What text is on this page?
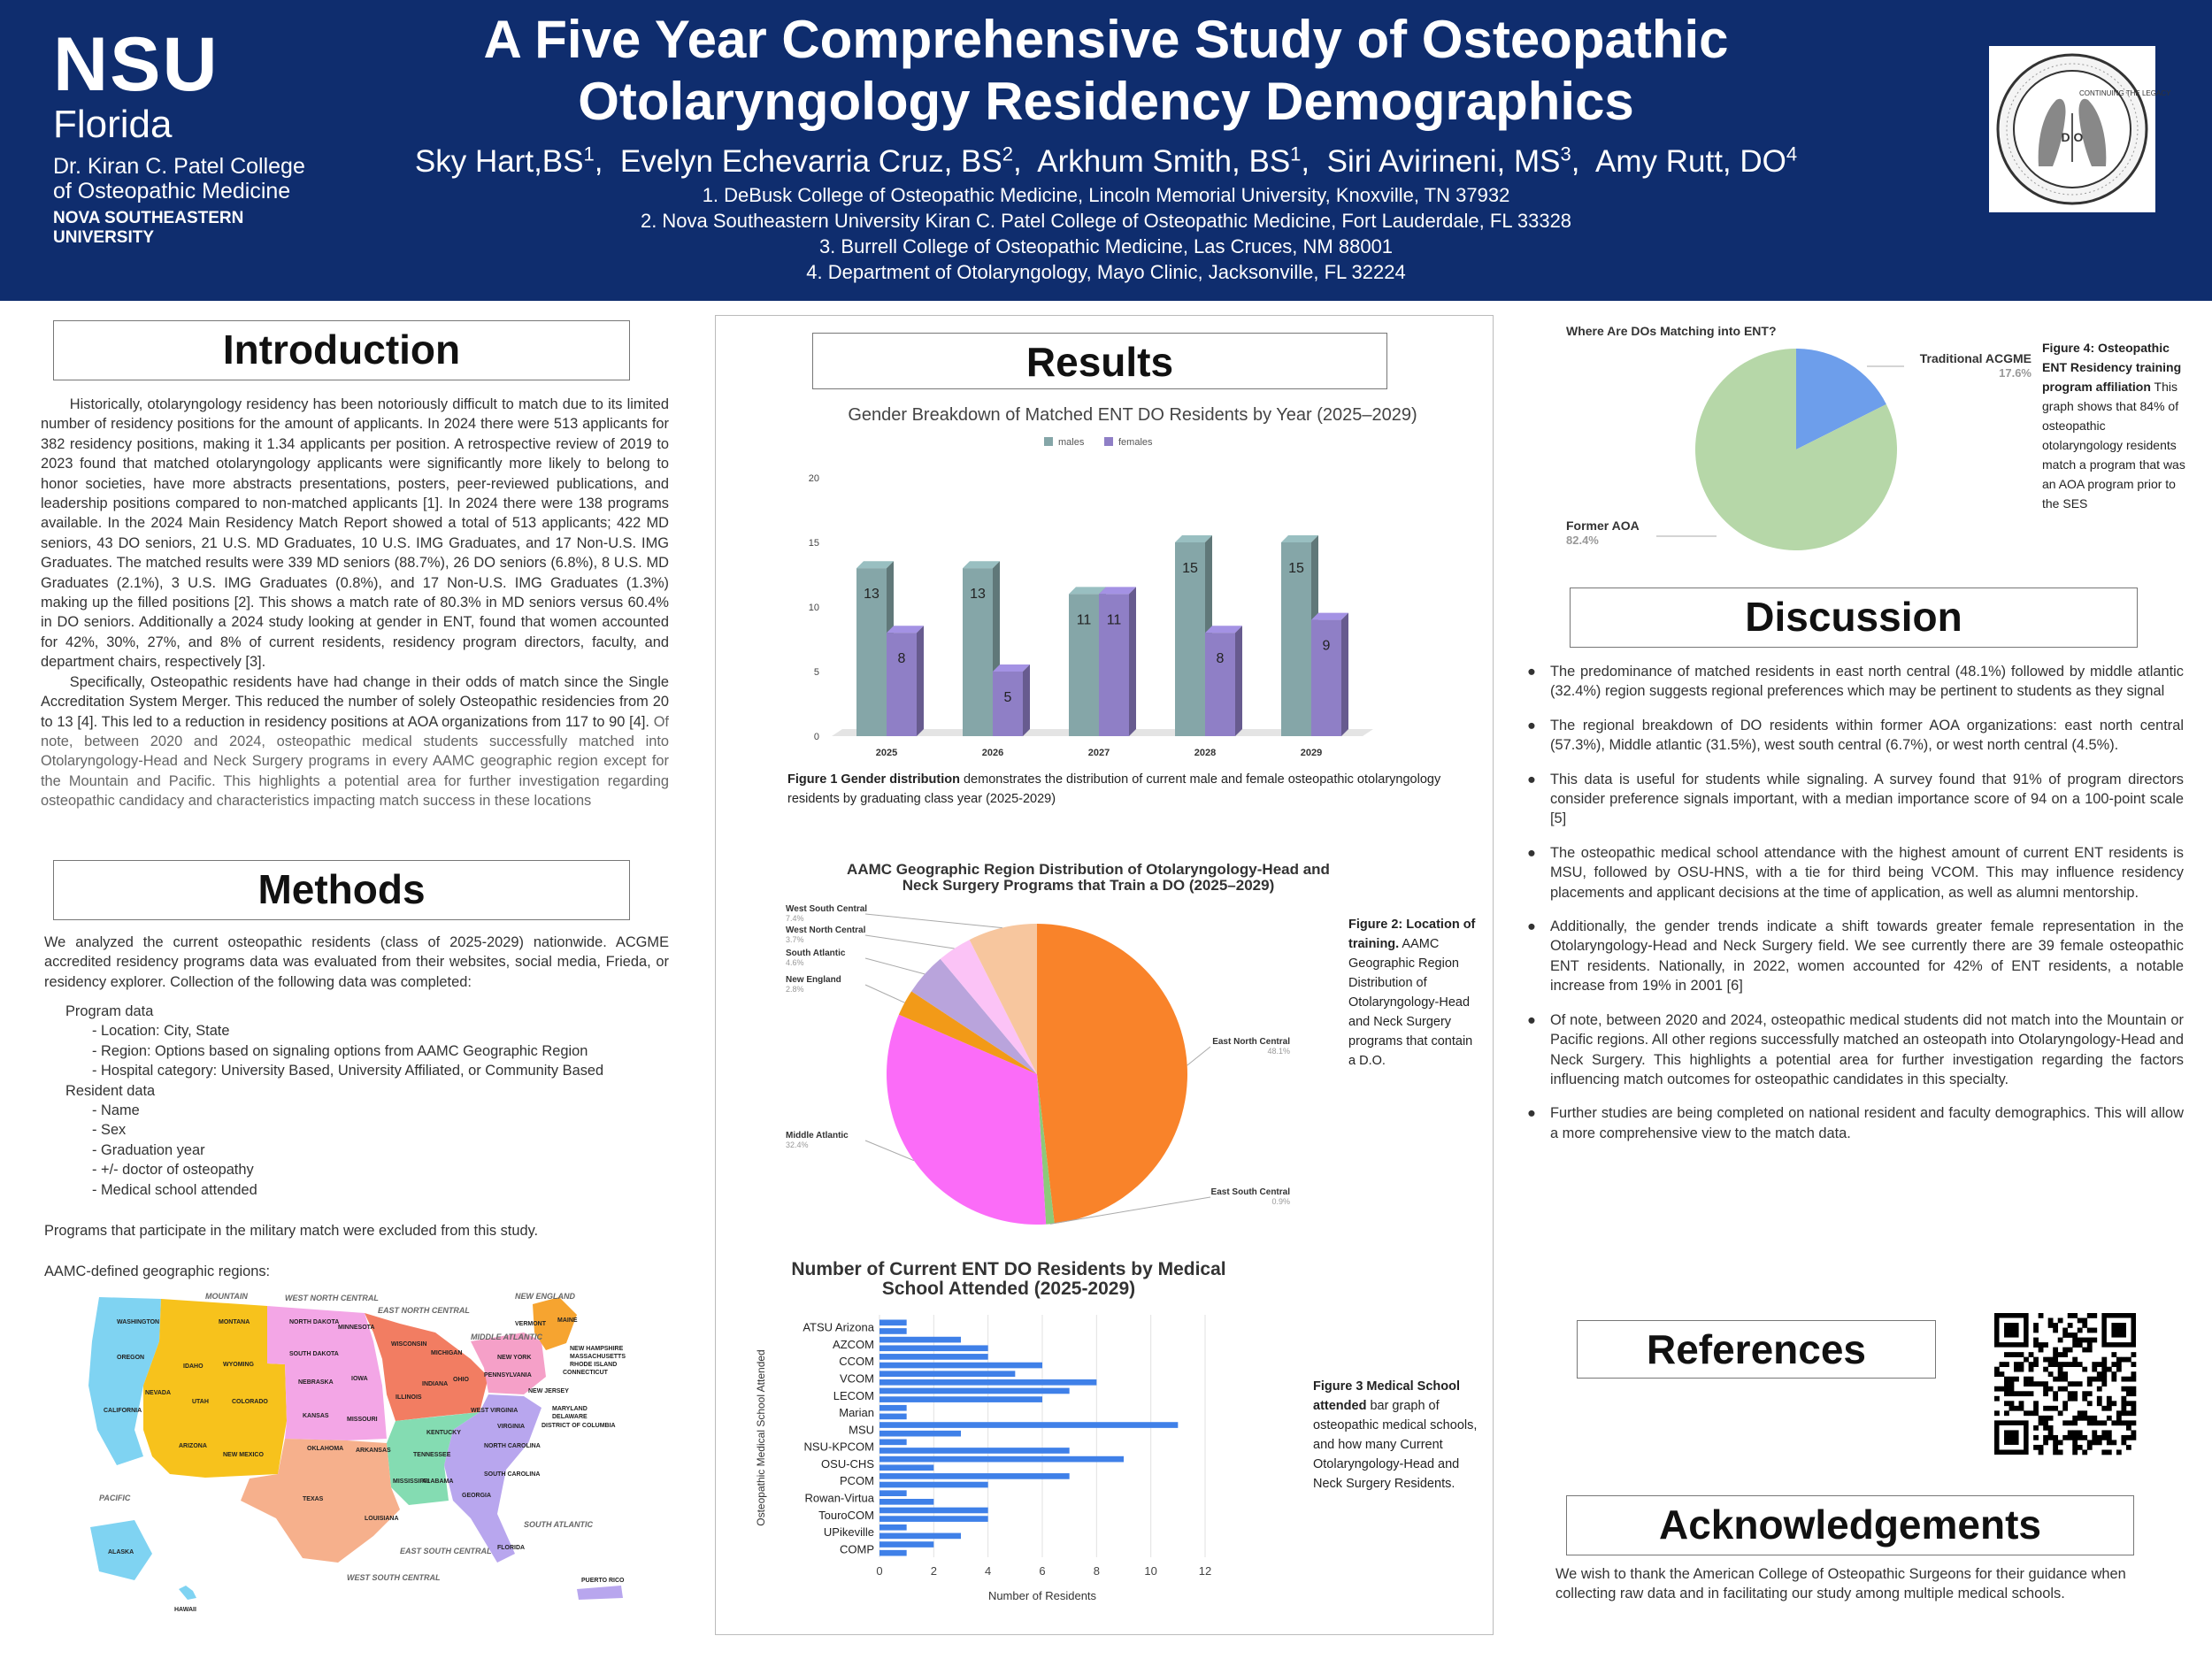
NSU
Florida
Dr. Kiran C. Patel College
of Osteopathic Medicine
NOVA SOUTHEASTERN
UNIVERSITY
A Five Year Comprehensive Study of Osteopathic
Otolaryngology Residency Demographics
Sky $Hart,BS^1$,  Evelyn Echevarria Cruz, $BS^2$,  Arkhum Smith, $BS^1$,  Siri Avirineni, $MS^3$,  Amy Rutt, $DO^4$
1. DeBusk College of Osteopathic Medicine, Lincoln Memorial University, Knoxville, TN 37932
2. Nova Southeastern University Kiran C. Patel College of Osteopathic Medicine, Fort Lauderdale, FL 33328
3. Burrell College of Osteopathic Medicine, Las Cruces, NM 88001
4. Department of Otolaryngology, Mayo Clinic, Jacksonville, FL 32224
CONTINUING THE LEGACY
D O
Introduction

Historically, otolaryngology residency has been notoriously difficult to match due to its limited number of residency positions for the amount of applicants. In 2024 there were 513 applicants for 382 residency positions, making it 1.34 applicants per position. A retrospective review of 2019 to 2023 found that matched otolaryngology applicants were significantly more likely to belong to honor societies, have more abstracts presentations, posters, peer-reviewed publications, and leadership positions compared to non-matched applicants [1]. In 2024 there were 138 programs available. In the 2024 Main Residency Match Report showed a total of 513 applicants; 422 MD seniors, 43 DO seniors, 21 U.S. MD Graduates, 10 U.S. IMG Graduates, and 17 Non-U.S. IMG Graduates. The matched results were 339 MD seniors (88.7%), 26 DO seniors (6.8%), 8 U.S. MD Graduates (2.1%), 3 U.S. IMG Graduates (0.8%), and 17 Non-U.S. IMG Graduates (1.3%) making up the filled positions [2]. This shows a match rate of 80.3% in MD seniors versus 60.4% in DO seniors. Additionally a 2024 study looking at gender in ENT, found that women accounted for 42%, 30%, 27%, and 8% of current residents, residency program directors, faculty, and department chairs, respectively [3].

Specifically, Osteopathic residents have had change in their odds of match since the Single Accreditation System Merger. This reduced the number of solely Osteopathic residencies from 20 to 13 [4]. This led to a reduction in residency positions at AOA organizations from 117 to 90 [4]. Of note, between 2020 and 2024, osteopathic medical students successfully matched into Otolaryngology-Head and Neck Surgery programs in every AAMC geographic region except for the Mountain and Pacific. This highlights a potential area for further investigation regarding osteopathic candidacy and characteristics impacting match success in these locations

Methods
We analyzed the current osteopathic residents (class of 2025-2029) nationwide. ACGME accredited residency programs data was evaluated from their websites, social media, Frieda, or residency explorer. Collection of the following data was completed:
Program data
- Location: City, State
- Region: Options based on signaling options from AAMC Geographic Region
- Hospital category: University Based, University Affiliated, or Community Based
Resident data
- Name
- Sex
- Graduation year
- +/- doctor of osteopathy
- Medical school attended
Programs that participate in the military match were excluded from this study.
AAMC-defined geographic regions:
MOUNTAIN	WEST NORTH CENTRAL
EAST NORTH CENTRAL
NEW ENGLAND
MIDDLE ATLANTIC
PACIFIC
WEST SOUTH CENTRAL
EAST SOUTH CENTRAL
SOUTH ATLANTIC
WASHINGTON
OREGON
CALIFORNIA
NEVADA
IDAHO
MONTANA
WYOMING
UTAH	COLORADO
ARIZONA
NEW MEXICO
NORTH DAKOTA
SOUTH DAKOTA
NEBRASKA
KANSAS
MINNESOTA
IOWA
MISSOURI
WISCONSIN
ILLINOIS
MICHIGAN
INDIANA
OHIO
NEW YORK
PENNSYLVANIA
NEW JERSEY
MAINE
VERMONT
NEW HAMPSHIRE
MASSACHUSETTS
RHODE ISLAND
CONNECTICUT
MARYLAND
DELAWARE
DISTRICT OF COLUMBIA
WEST VIRGINIA
VIRGINIA
KENTUCKY
TENNESSEE
NORTH CAROLINA
SOUTH CAROLINA
GEORGIA
FLORIDA
ALABAMA
MISSISSIPPI
ARKANSAS
LOUISIANA
OKLAHOMA
TEXAS
ALASKA
HAWAII
PUERTO RICO
Results
Gender Breakdown of Matched ENT DO Residents by Year (2025–2029)
males	females
0
5
10
15
20
13
8
2025
13
5
2026
11 11
2027
15
8
2028
15
9
2029
Figure 1 Gender distribution demonstrates the distribution of current male and female osteopathic otolaryngology residents by graduating class year (2025-2029)
AAMC Geographic Region Distribution of Otolaryngology-Head and
Neck Surgery Programs that Train a DO (2025–2029)
East North Central
48.1%
East South Central
0.9%
Middle Atlantic
32.4%
New England
2.8%
South Atlantic
4.6%
West North Central
3.7%
West South Central
7.4%	Figure 2: Location of training. AAMC Geographic Region Distribution of Otolaryngology-Head and Neck Surgery programs that contain a D.O.
Number of Current ENT DO Residents by Medical
School Attended (2025-2029)
0	2	4	6	8	10	12
ATSU Arizona
AZCOM
CCOM
VCOM
LECOM
Marian
MSU
NSU-KPCOM
OSU-CHS
PCOM
Rowan-Virtua
TouroCOM
UPikeville
COMP
Number of Residents
Osteopathic Medical School Attended	Figure 3 Medical School attended bar graph of osteopathic medical schools, and how many Current Otolaryngology-Head and Neck Surgery Residents.
Where Are DOs Matching into ENT?
Traditional ACGME
17.6%
Former AOA
82.4%
Figure 4: Osteopathic ENT Residency training program affiliation This graph shows that 84% of osteopathic otolaryngology residents match a program that was an AOA program prior to the SES
Discussion
● The predominance of matched residents in east north central (48.1%) followed by middle atlantic (32.4%) region suggests regional preferences which may be pertinent to students as they signal
● The regional breakdown of DO residents within former AOA organizations: east north central (57.3%), Middle atlantic (31.5%), west south central (6.7%), or west north central (4.5%).
● This data is useful for students while signaling. A survey found that 91% of program directors consider preference signals important, with a median importance score of 94 on a 100-point scale [5]
● The osteopathic medical school attendance with the highest amount of current ENT residents is MSU, followed by OSU-HNS, with a tie for third being VCOM. This may influence residency placements and applicant decisions at the time of application, as well as alumni mentorship.
● Additionally, the gender trends indicate a shift towards greater female representation in the Otolaryngology-Head and Neck Surgery field. We see currently there are 39 female osteopathic ENT residents. Nationally, in 2022, women accounted for 42% of ENT residents, a notable increase from 19% in 2001 [6]
● Of note, between 2020 and 2024, osteopathic medical students did not match into the Mountain or Pacific regions. All other regions successfully matched an osteopath into Otolaryngology-Head and Neck Surgery. This highlights a potential area for further investigation regarding the factors influencing match outcomes for osteopathic candidates in this specialty.
● Further studies are being completed on national resident and faculty demographics. This will allow a more comprehensive view to the match data.
References
Acknowledgements
We wish to thank the American College of Osteopathic Surgeons for their guidance when collecting raw data and in facilitating our study among multiple medical schools.
